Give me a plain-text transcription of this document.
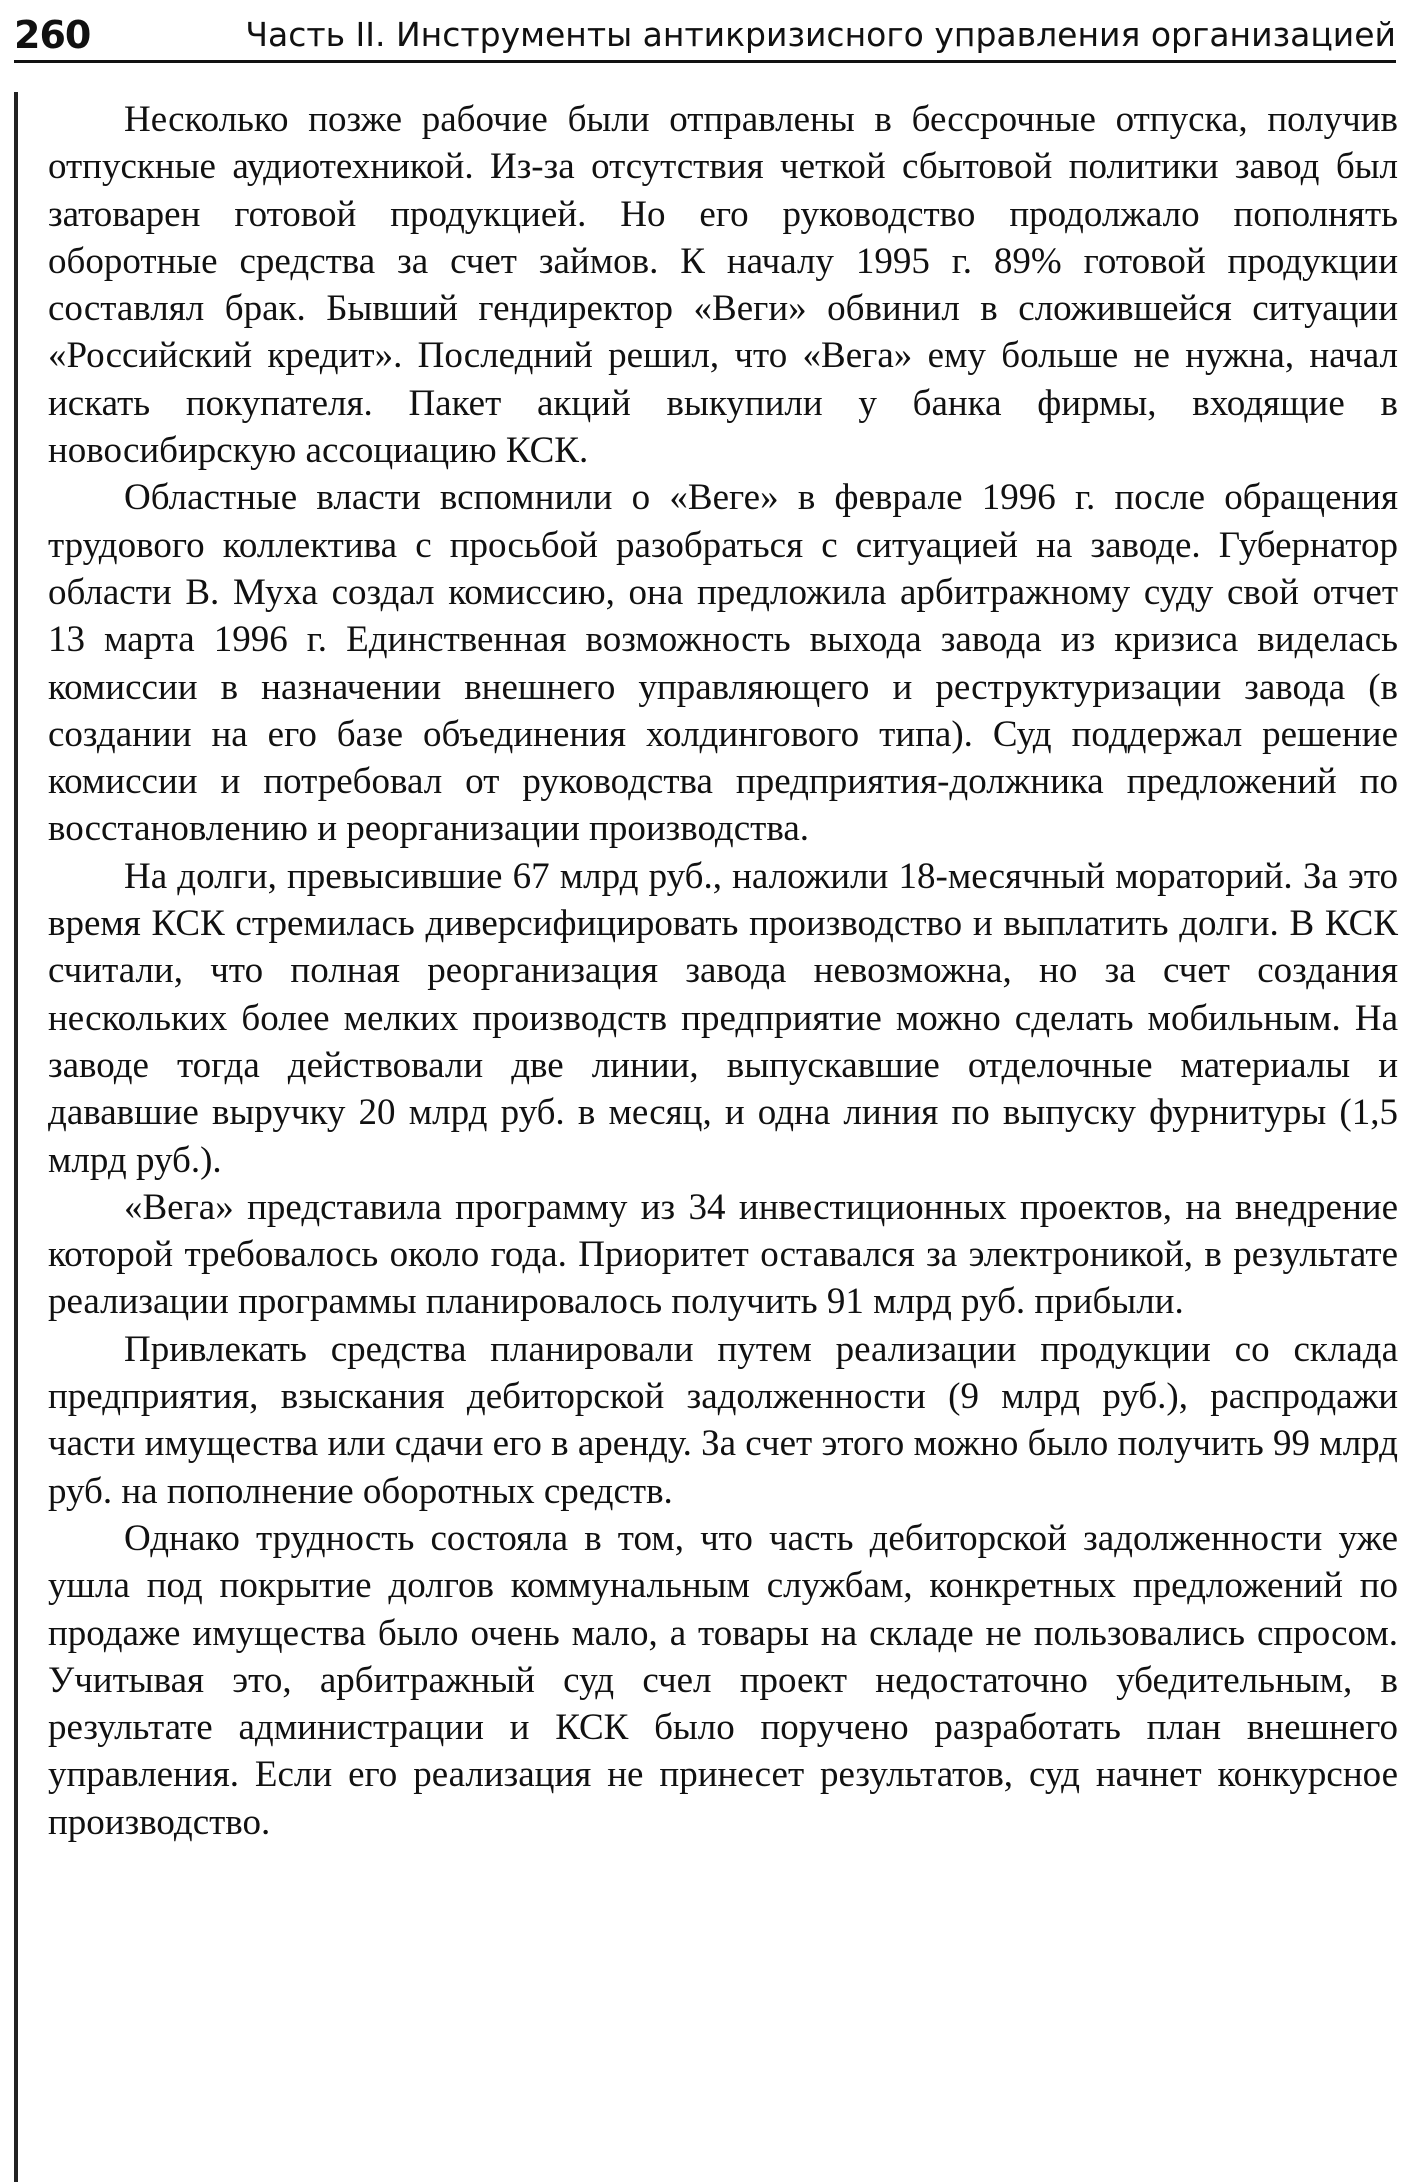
260	Часть II. Инструменты антикризисного управления организацией

Несколько позже рабочие были отправлены в бессрочные отпуска, получив отпускные аудиотехникой. Из-за отсутствия четкой сбытовой политики завод был затоварен готовой продукцией. Но его руководство продолжало пополнять оборотные средства за счет займов. К началу 1995 г. 89% готовой продукции составлял брак. Бывший гендиректор «Веги» обвинил в сложившейся ситуации «Российский кредит». Последний решил, что «Вега» ему больше не нужна, начал искать покупателя. Пакет акций выкупили у банка фирмы, входящие в новосибирскую ассоциацию КСК.

Областные власти вспомнили о «Веге» в феврале 1996 г. после обращения трудового коллектива с просьбой разобраться с ситуацией на заводе. Губернатор области В. Муха создал комиссию, она предложила арбитражному суду свой отчет 13 марта 1996 г. Единственная возможность выхода завода из кризиса виделась комиссии в назначении внешнего управляющего и реструктуризации завода (в создании на его базе объединения холдингового типа). Суд поддержал решение комиссии и потребовал от руководства предприятия-должника предложений по восстановлению и реорганизации производства.

На долги, превысившие 67 млрд руб., наложили 18-месячный мораторий. За это время КСК стремилась диверсифицировать производство и выплатить долги. В КСК считали, что полная реорганизация завода невозможна, но за счет создания нескольких более мелких производств предприятие можно сделать мобильным. На заводе тогда действовали две линии, выпускавшие отделочные материалы и дававшие выручку 20 млрд руб. в месяц, и одна линия по выпуску фурнитуры (1,5 млрд руб.).

«Вега» представила программу из 34 инвестиционных проектов, на внедрение которой требовалось около года. Приоритет оставался за электроникой, в результате реализации программы планировалось получить 91 млрд руб. прибыли.

Привлекать средства планировали путем реализации продукции со склада предприятия, взыскания дебиторской задолженности (9 млрд руб.), распродажи части имущества или сдачи его в аренду. За счет этого можно было получить 99 млрд руб. на пополнение оборотных средств.

Однако трудность состояла в том, что часть дебиторской задолженности уже ушла под покрытие долгов коммунальным службам, конкретных предложений по продаже имущества было очень мало, а товары на складе не пользовались спросом. Учитывая это, арбитражный суд счел проект недостаточно убедительным, в результате администрации и КСК было поручено разработать план внешнего управления. Если его реализация не принесет результатов, суд начнет конкурсное производство.
